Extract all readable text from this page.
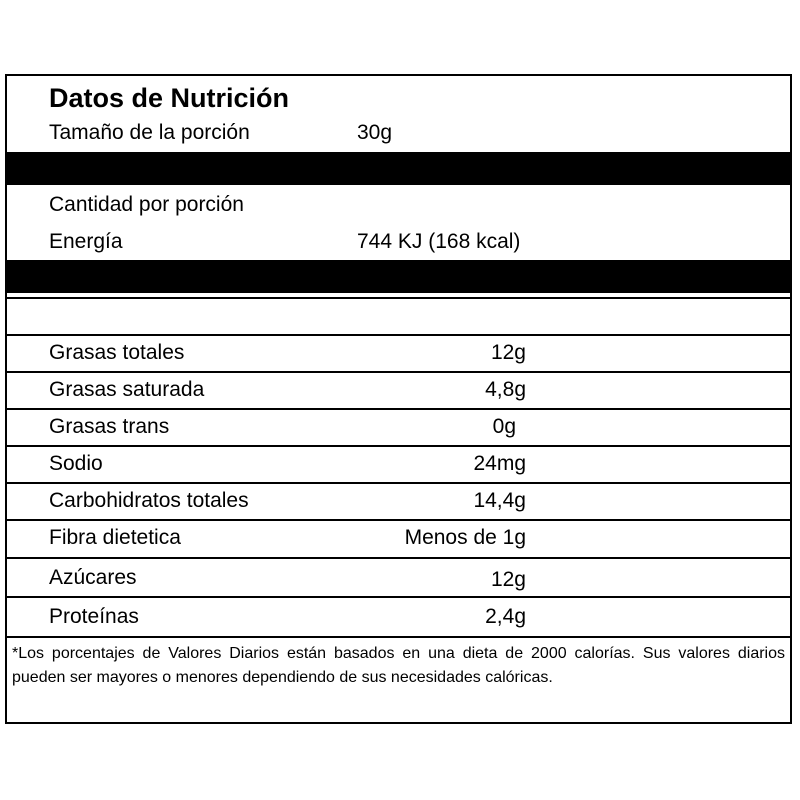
Datos de Nutrición
Tamaño de la porción	30g
Cantidad por porción
Energía	744 KJ (168 kcal)
Grasas totales	12g
Grasas saturada	4,8g
Grasas trans	0g
Sodio	24mg
Carbohidratos totales	14,4g
Fibra dietetica	Menos de 1g
Azúcares	12g
Proteínas	2,4g
*Los porcentajes de Valores Diarios están basados en una dieta de 2000 calorías. Sus valores diarios pueden ser mayores o menores dependiendo de sus necesidades calóricas.
